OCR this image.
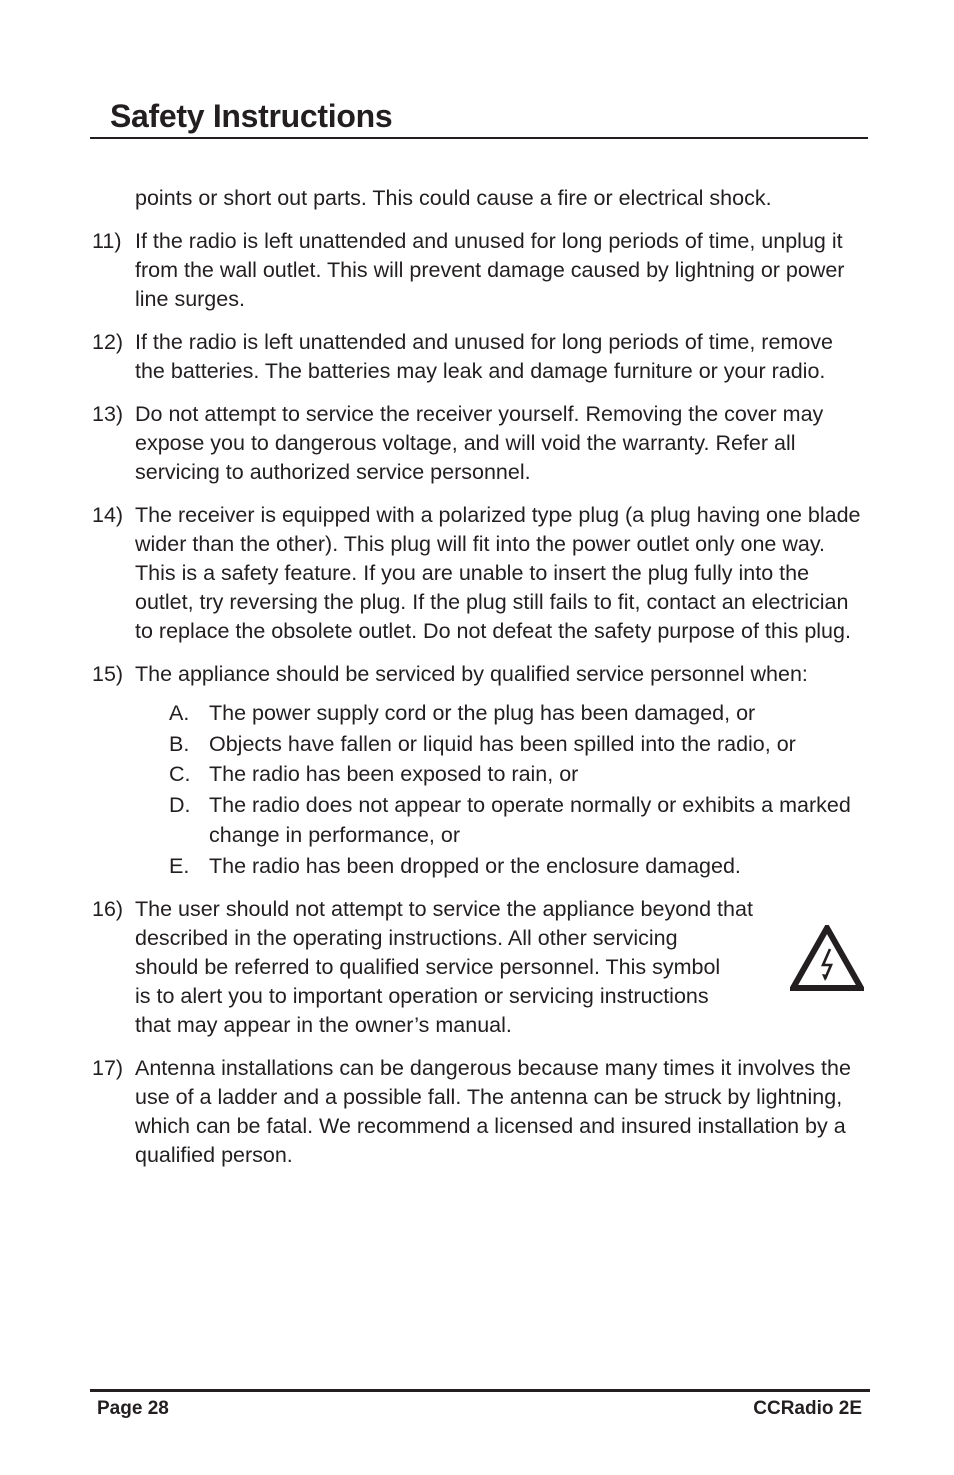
Safety Instructions

points or short out parts. This could cause a fire or electrical shock.

11) If the radio is left unattended and unused for long periods of time, unplug it from the wall outlet. This will prevent damage caused by lightning or power line surges.
12) If the radio is left unattended and unused for long periods of time, remove the batteries. The batteries may leak and damage furniture or your radio.
13) Do not attempt to service the receiver yourself. Removing the cover may expose you to dangerous voltage, and will void the warranty. Refer all servicing to authorized service personnel.
14) The receiver is equipped with a polarized type plug (a plug having one blade wider than the other). This plug will fit into the power outlet only one way. This is a safety feature. If you are unable to insert the plug fully into the outlet, try reversing the plug. If the plug still fails to fit, contact an electrician to replace the obsolete outlet. Do not defeat the safety purpose of this plug.
15) The appliance should be serviced by qualified service personnel when:
A. The power supply cord or the plug has been damaged, or
B. Objects have fallen or liquid has been spilled into the radio, or
C. The radio has been exposed to rain, or
D. The radio does not appear to operate normally or exhibits a marked change in performance, or
E. The radio has been dropped or the enclosure damaged.
16) The user should not attempt to service the appliance beyond that
described in the operating instructions. All other servicing should be referred to qualified service personnel. This symbol is to alert you to important operation or servicing instructions that may appear in the owner’s manual.
17) Antenna installations can be dangerous because many times it involves the use of a ladder and a possible fall. The antenna can be struck by lightning, which can be fatal. We recommend a licensed and insured installation by a qualified person.
Page 28	CCRadio 2E
